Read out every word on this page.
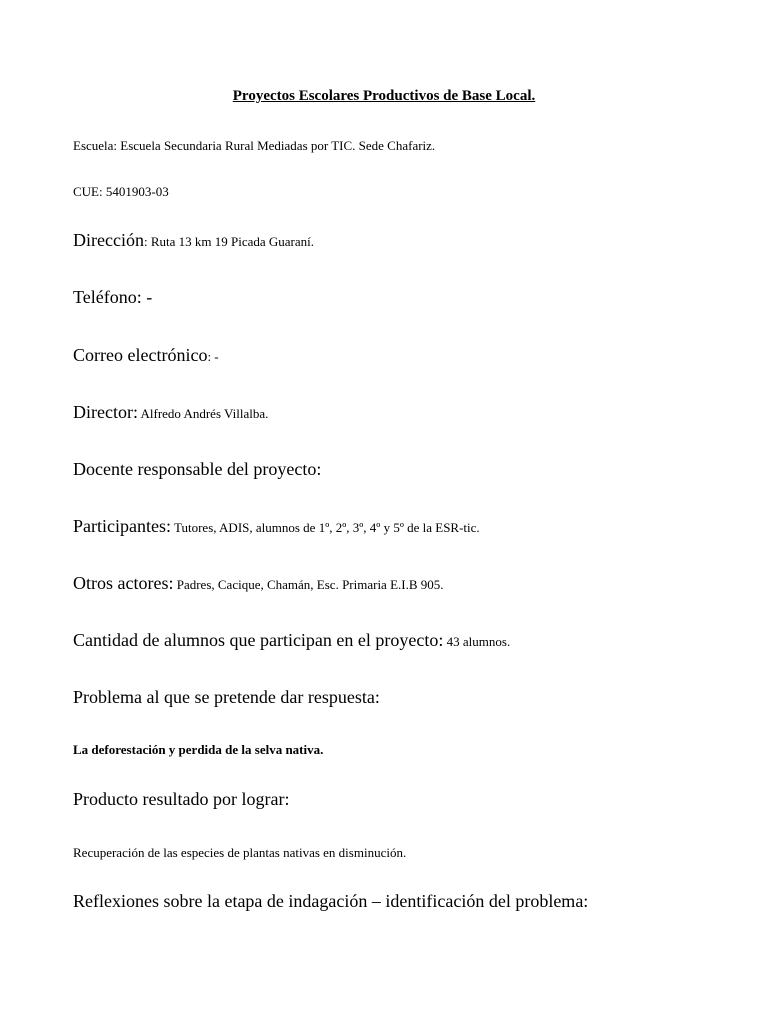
Proyectos Escolares Productivos de Base Local.
Escuela: Escuela Secundaria Rural Mediadas por TIC. Sede Chafariz.
CUE: 5401903-03
Dirección: Ruta 13 km 19 Picada Guaraní.
Teléfono: -
Correo electrónico: -
Director: Alfredo Andrés Villalba.
Docente responsable del proyecto:
Participantes: Tutores, ADIS, alumnos de 1º, 2º, 3º, 4º y 5º de la ESR-tic.
Otros actores: Padres, Cacique, Chamán, Esc. Primaria E.I.B 905.
Cantidad de alumnos que participan en el proyecto: 43 alumnos.
Problema al que se pretende dar respuesta:
La deforestación y perdida de la selva nativa.
Producto resultado por lograr:
Recuperación de las especies de plantas nativas en disminución.
Reflexiones sobre la etapa de indagación – identificación del problema:
